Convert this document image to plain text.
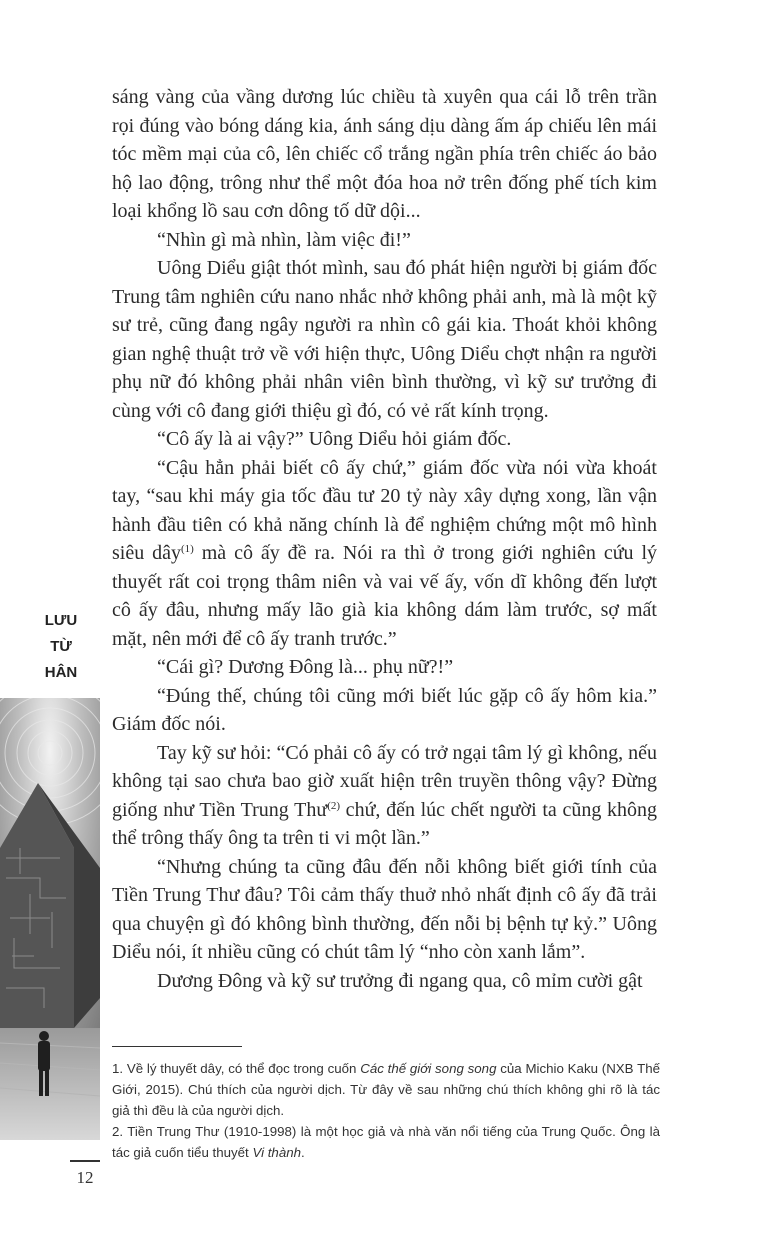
LƯU
TỪ
HÂN

sáng vàng của vầng dương lúc chiều tà xuyên qua cái lỗ trên trần rọi đúng vào bóng dáng kia, ánh sáng dịu dàng ấm áp chiếu lên mái tóc mềm mại của cô, lên chiếc cổ trắng ngần phía trên chiếc áo bảo hộ lao động, trông như thể một đóa hoa nở trên đống phế tích kim loại khổng lồ sau cơn dông tố dữ dội...

“Nhìn gì mà nhìn, làm việc đi!”

Uông Diểu giật thót mình, sau đó phát hiện người bị giám đốc Trung tâm nghiên cứu nano nhắc nhở không phải anh, mà là một kỹ sư trẻ, cũng đang ngây người ra nhìn cô gái kia. Thoát khỏi không gian nghệ thuật trở về với hiện thực, Uông Diểu chợt nhận ra người phụ nữ đó không phải nhân viên bình thường, vì kỹ sư trưởng đi cùng với cô đang giới thiệu gì đó, có vẻ rất kính trọng.

“Cô ấy là ai vậy?” Uông Diểu hỏi giám đốc.

“Cậu hẳn phải biết cô ấy chứ,” giám đốc vừa nói vừa khoát tay, “sau khi máy gia tốc đầu tư 20 tỷ này xây dựng xong, lần vận hành đầu tiên có khả năng chính là để nghiệm chứng một mô hình siêu dây$^{(1)}$ mà cô ấy đề ra. Nói ra thì ở trong giới nghiên cứu lý thuyết rất coi trọng thâm niên và vai vế ấy, vốn dĩ không đến lượt cô ấy đâu, nhưng mấy lão già kia không dám làm trước, sợ mất mặt, nên mới để cô ấy tranh trước.”

“Cái gì? Dương Đông là... phụ nữ?!”

“Đúng thế, chúng tôi cũng mới biết lúc gặp cô ấy hôm kia.” Giám đốc nói.

Tay kỹ sư hỏi: “Có phải cô ấy có trở ngại tâm lý gì không, nếu không tại sao chưa bao giờ xuất hiện trên truyền thông vậy? Đừng giống như Tiền Trung Thư$^{(2)}$ chứ, đến lúc chết người ta cũng không thể trông thấy ông ta trên ti vi một lần.”

“Nhưng chúng ta cũng đâu đến nỗi không biết giới tính của Tiền Trung Thư đâu? Tôi cảm thấy thuở nhỏ nhất định cô ấy đã trải qua chuyện gì đó không bình thường, đến nỗi bị bệnh tự kỷ.” Uông Diểu nói, ít nhiều cũng có chút tâm lý “nho còn xanh lắm”.

Dương Đông và kỹ sư trưởng đi ngang qua, cô mỉm cười gật

1. Về lý thuyết dây, có thể đọc trong cuốn Các thế giới song song của Michio Kaku (NXB Thế Giới, 2015). Chú thích của người dịch. Từ đây về sau những chú thích không ghi rõ là tác giả thì đều là của người dịch.

2. Tiền Trung Thư (1910-1998) là một học giả và nhà văn nổi tiếng của Trung Quốc. Ông là tác giả cuốn tiểu thuyết Vi thành.

12
